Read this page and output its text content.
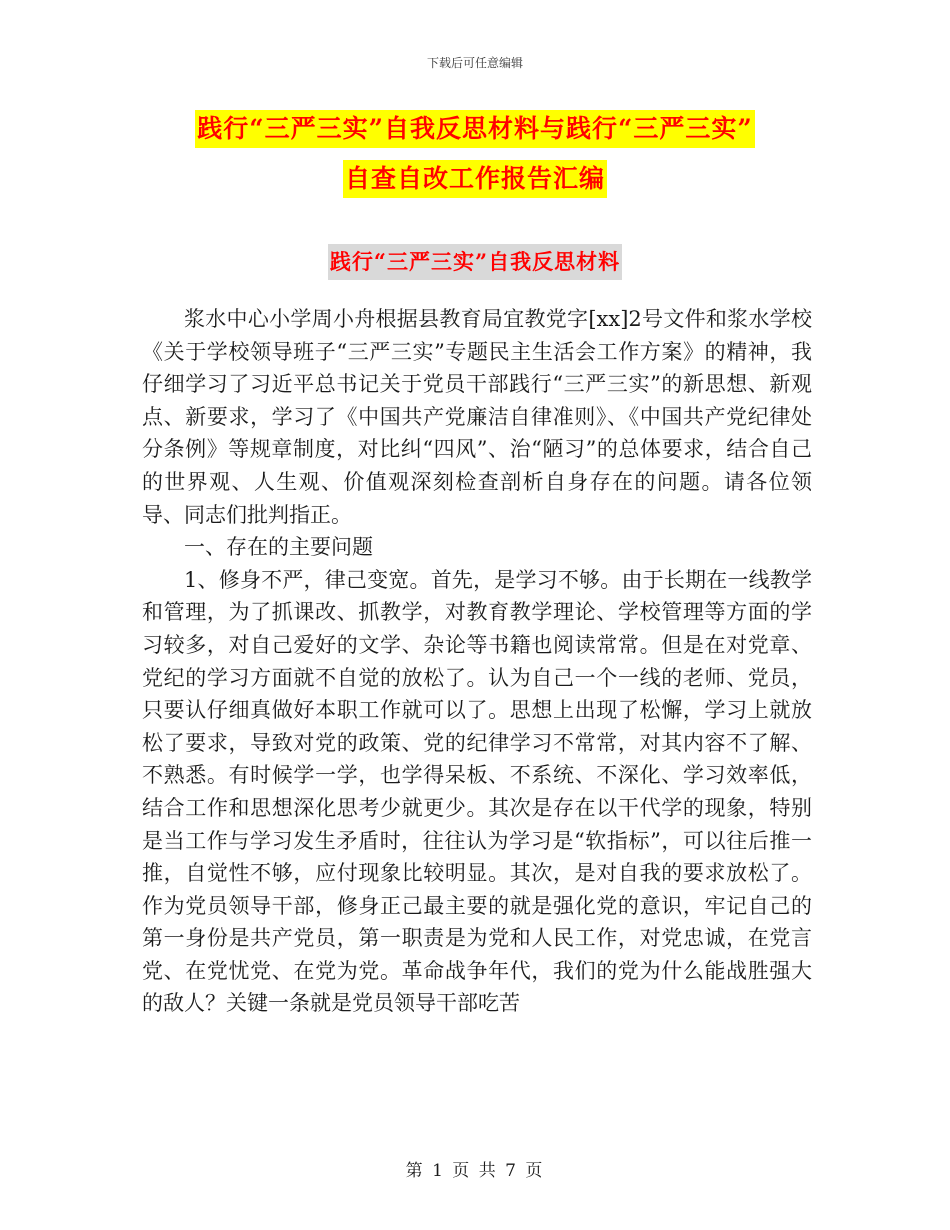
下载后可任意编辑
践行“三严三实”自我反思材料与践行“三严三实”
自查自改工作报告汇编
践行“三严三实”自我反思材料

浆水中心小学周小舟根据县教育局宜教党字[xx]2号文件和浆水学校《关于学校领导班子“三严三实”专题民主生活会工作方案》的精神，我仔细学习了习近平总书记关于党员干部践行“三严三实”的新思想、新观点、新要求，学习了《中国共产党廉洁自律准则》、《中国共产党纪律处分条例》等规章制度，对比纠“四风”、治“陋习”的总体要求，结合自己的世界观、人生观、价值观深刻检查剖析自身存在的问题。请各位领导、同志们批判指正。

一、存在的主要问题

1、修身不严，律己变宽。首先，是学习不够。由于长期在一线教学和管理，为了抓课改、抓教学，对教育教学理论、学校管理等方面的学习较多，对自己爱好的文学、杂论等书籍也阅读常常。但是在对党章、党纪的学习方面就不自觉的放松了。认为自己一个一线的老师、党员，只要认仔细真做好本职工作就可以了。思想上出现了松懈，学习上就放松了要求，导致对党的政策、党的纪律学习不常常，对其内容不了解、不熟悉。有时候学一学，也学得呆板、不系统、不深化、学习效率低，结合工作和思想深化思考少就更少。其次是存在以干代学的现象，特别是当工作与学习发生矛盾时，往往认为学习是“软指标”，可以往后推一推，自觉性不够，应付现象比较明显。其次，是对自我的要求放松了。作为党员领导干部，修身正己最主要的就是强化党的意识，牢记自己的第一身份是共产党员，第一职责是为党和人民工作，对党忠诚，在党言党、在党忧党、在党为党。革命战争年代，我们的党为什么能战胜强大的敌人？关键一条就是党员领导干部吃苦

第 1 页 共 7 页
